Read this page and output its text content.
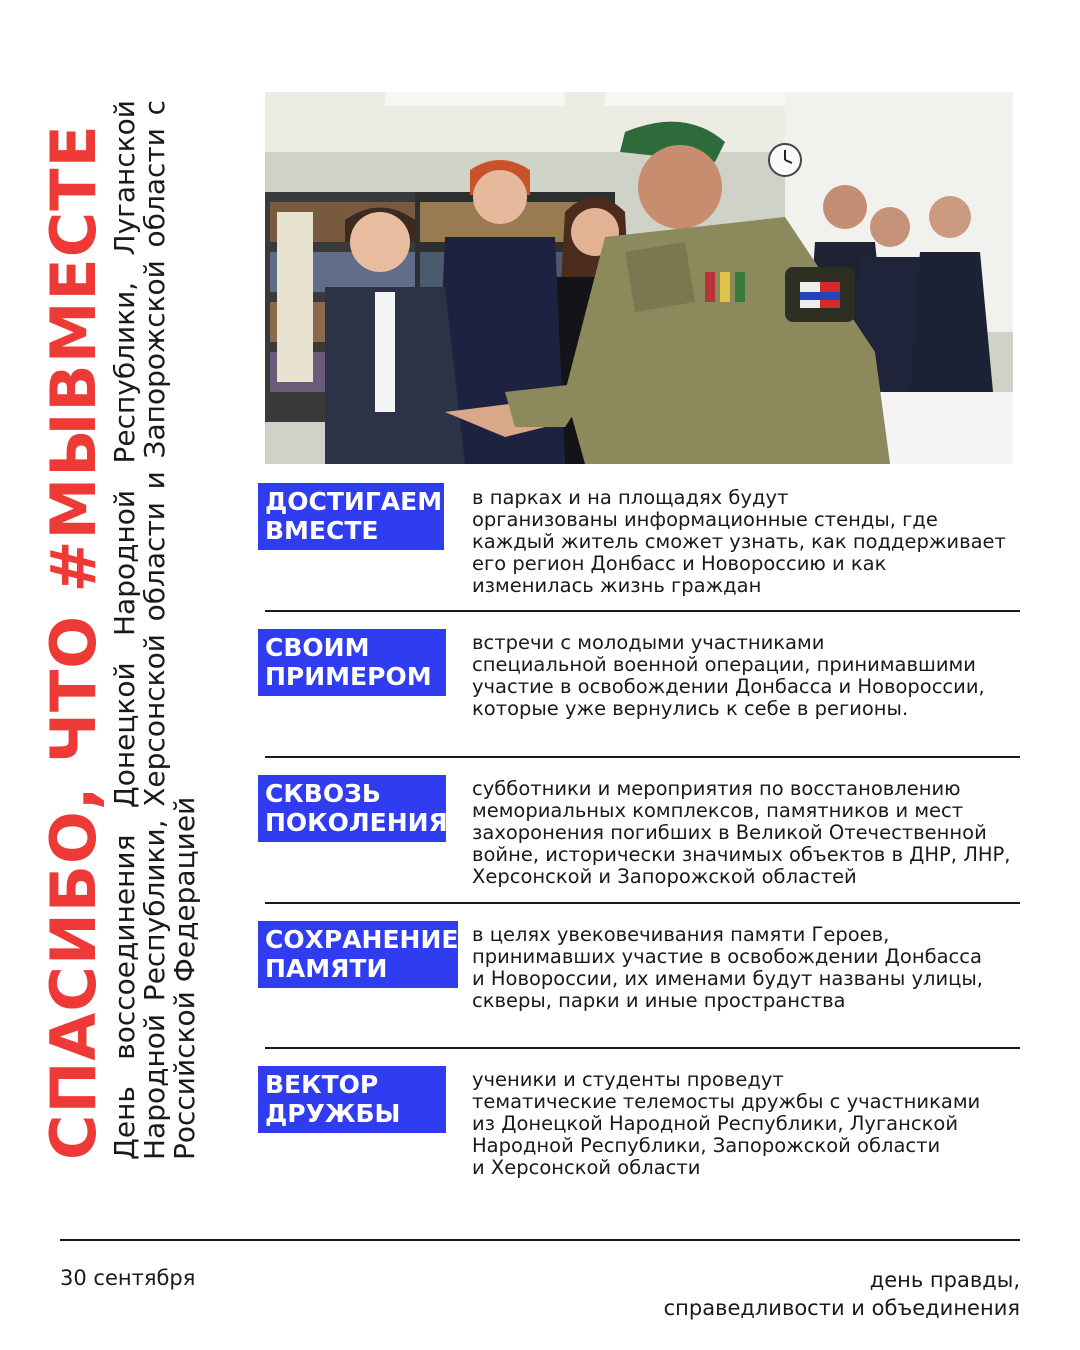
СПАСИБО, ЧТО #МЫВМЕСТЕ
День воссоединения Донецкой Народной Республики, Луганской Народной Республики, Херсонской области и Запорожской области с Российской Федерацией
ДОСТИГАЕМ ВМЕСТЕ
в парках и на площадях будут
организованы информационные стенды, где
каждый житель сможет узнать, как поддерживает
его регион Донбасс и Новороссию и как
изменилась жизнь граждан
СВОИМ ПРИМЕРОМ
встречи с молодыми участниками
специальной военной операции, принимавшими
участие в освобождении Донбасса и Новороссии,
которые уже вернулись к себе в регионы.
СКВОЗЬ ПОКОЛЕНИЯ
субботники и мероприятия по восстановлению
мемориальных комплексов, памятников и мест
захоронения погибших в Великой Отечественной
войне, исторически значимых объектов в ДНР, ЛНР,
Херсонской и Запорожской областей
СОХРАНЕНИЕ ПАМЯТИ
в целях увековечивания памяти Героев,
принимавших участие в освобождении Донбасса
и Новороссии, их именами будут названы улицы,
скверы, парки и иные пространства
ВЕКТОР ДРУЖБЫ
ученики и студенты проведут
тематические телемосты дружбы с участниками
из Донецкой Народной Республики, Луганской
Народной Республики, Запорожской области
и Херсонской области
30 сентября	день правды,
справедливости и объединения
